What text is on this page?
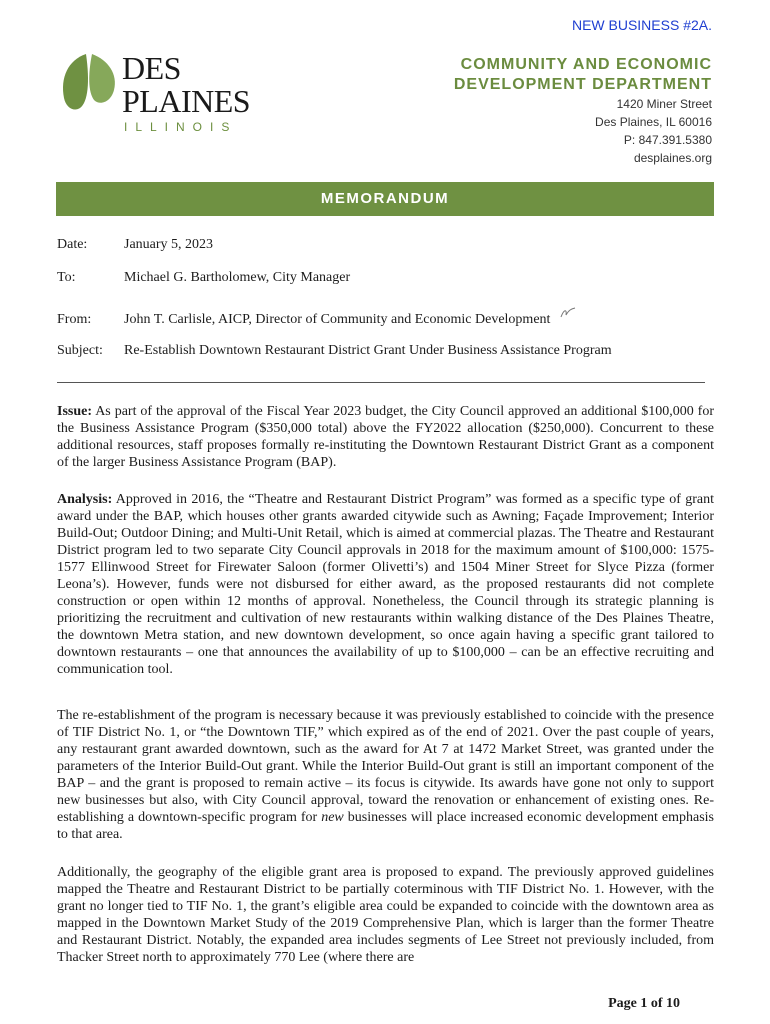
NEW BUSINESS #2A.
DES
PLAINES
ILLINOIS
COMMUNITY AND ECONOMIC
DEVELOPMENT DEPARTMENT
1420 Miner Street
Des Plaines, IL 60016
P: 847.391.5380
desplaines.org
MEMORANDUM
Date:	January 5, 2023
To:	Michael G. Bartholomew, City Manager
From: John T. Carlisle, AICP, Director of Community and Economic Development
Subject: Re-Establish Downtown Restaurant District Grant Under Business Assistance Program

Issue: As part of the approval of the Fiscal Year 2023 budget, the City Council approved an additional $100,000 for the Business Assistance Program ($350,000 total) above the FY2022 allocation ($250,000). Concurrent to these additional resources, staff proposes formally re-instituting the Downtown Restaurant District Grant as a component of the larger Business Assistance Program (BAP).

Analysis: Approved in 2016, the “Theatre and Restaurant District Program” was formed as a specific type of grant award under the BAP, which houses other grants awarded citywide such as Awning; Façade Improvement; Interior Build-Out; Outdoor Dining; and Multi-Unit Retail, which is aimed at commercial plazas. The Theatre and Restaurant District program led to two separate City Council approvals in 2018 for the maximum amount of $100,000: 1575-1577 Ellinwood Street for Firewater Saloon (former Olivetti’s) and 1504 Miner Street for Slyce Pizza (former Leona’s). However, funds were not disbursed for either award, as the proposed restaurants did not complete construction or open within 12 months of approval. Nonetheless, the Council through its strategic planning is prioritizing the recruitment and cultivation of new restaurants within walking distance of the Des Plaines Theatre, the downtown Metra station, and new downtown development, so once again having a specific grant tailored to downtown restaurants – one that announces the availability of up to $100,000 – can be an effective recruiting and communication tool.

The re-establishment of the program is necessary because it was previously established to coincide with the presence of TIF District No. 1, or “the Downtown TIF,” which expired as of the end of 2021. Over the past couple of years, any restaurant grant awarded downtown, such as the award for At 7 at 1472 Market Street, was granted under the parameters of the Interior Build-Out grant. While the Interior Build-Out grant is still an important component of the BAP – and the grant is proposed to remain active – its focus is citywide. Its awards have gone not only to support new businesses but also, with City Council approval, toward the renovation or enhancement of existing ones. Re-establishing a downtown-specific program for new businesses will place increased economic development emphasis to that area.

Additionally, the geography of the eligible grant area is proposed to expand. The previously approved guidelines mapped the Theatre and Restaurant District to be partially coterminous with TIF District No. 1. However, with the grant no longer tied to TIF No. 1, the grant’s eligible area could be expanded to coincide with the downtown area as mapped in the Downtown Market Study of the 2019 Comprehensive Plan, which is larger than the former Theatre and Restaurant District. Notably, the expanded area includes segments of Lee Street not previously included, from Thacker Street north to approximately 770 Lee (where there are

Page 1 of 10
